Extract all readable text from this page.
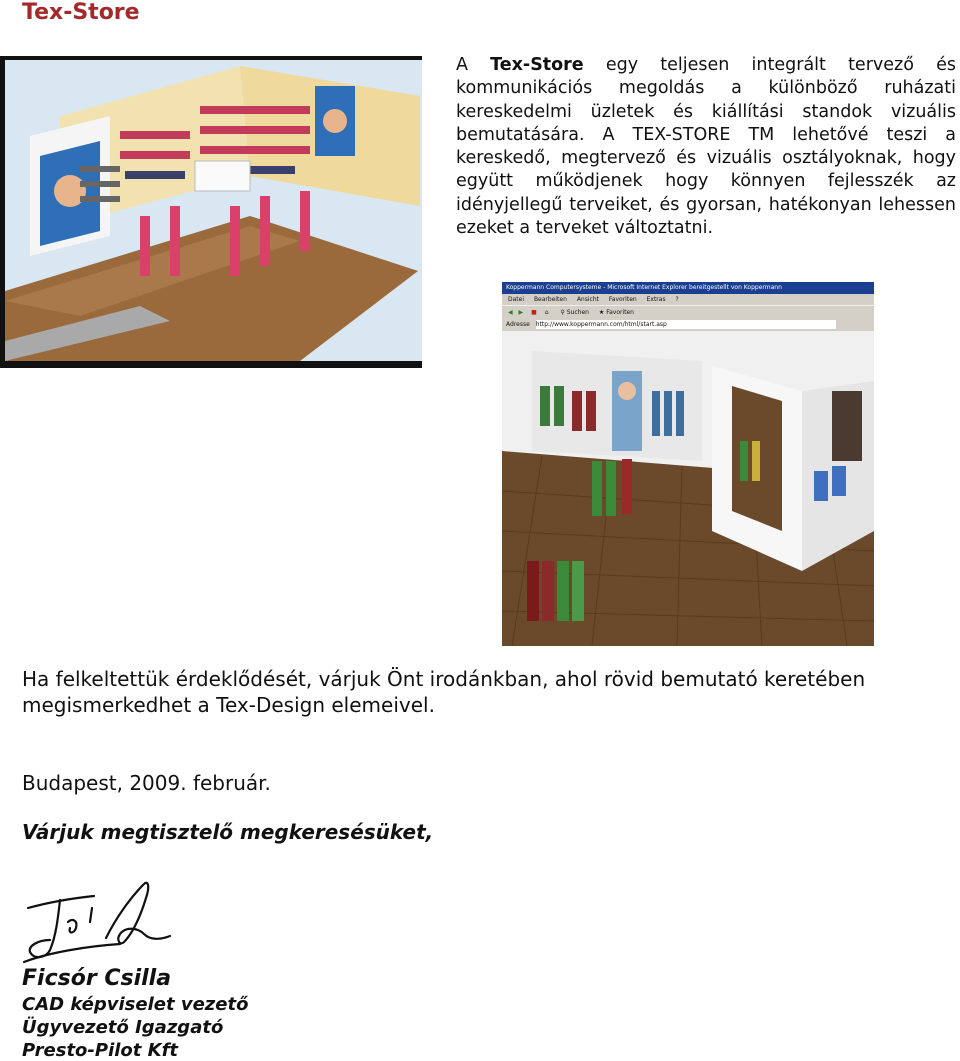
Tex-Store
A Tex-Store egy teljesen integrált tervező és kommunikációs megoldás a különböző ruházati kereskedelmi üzletek és kiállítási standok vizuális bemutatására. A TEX-STORE TM lehetővé teszi a kereskedő, megtervező és vizuális osztályoknak, hogy együtt működjenek hogy könnyen fejlesszék az idényjellegű terveiket, és gyorsan, hatékonyan lehessen ezeket a terveket változtatni.
Koppermann Computersysteme - Microsoft Internet Explorer bereitgestellt von Koppermann
Datei Bearbeiten Ansicht Favoriten Extras ?
◀ ▶ ■ ⌂ ⚲ Suchen ★ Favoriten
Adresse http://www.koppermann.com/html/start.asp
Ha felkeltettük érdeklődését, várjuk Önt irodánkban, ahol rövid bemutató keretében megismerkedhet a Tex-Design elemeivel.
Budapest, 2009. február.
Várjuk megtisztelő megkeresésüket,
Ficsór Csilla
CAD képviselet vezető
Ügyvezető Igazgató
Presto-Pilot Kft
